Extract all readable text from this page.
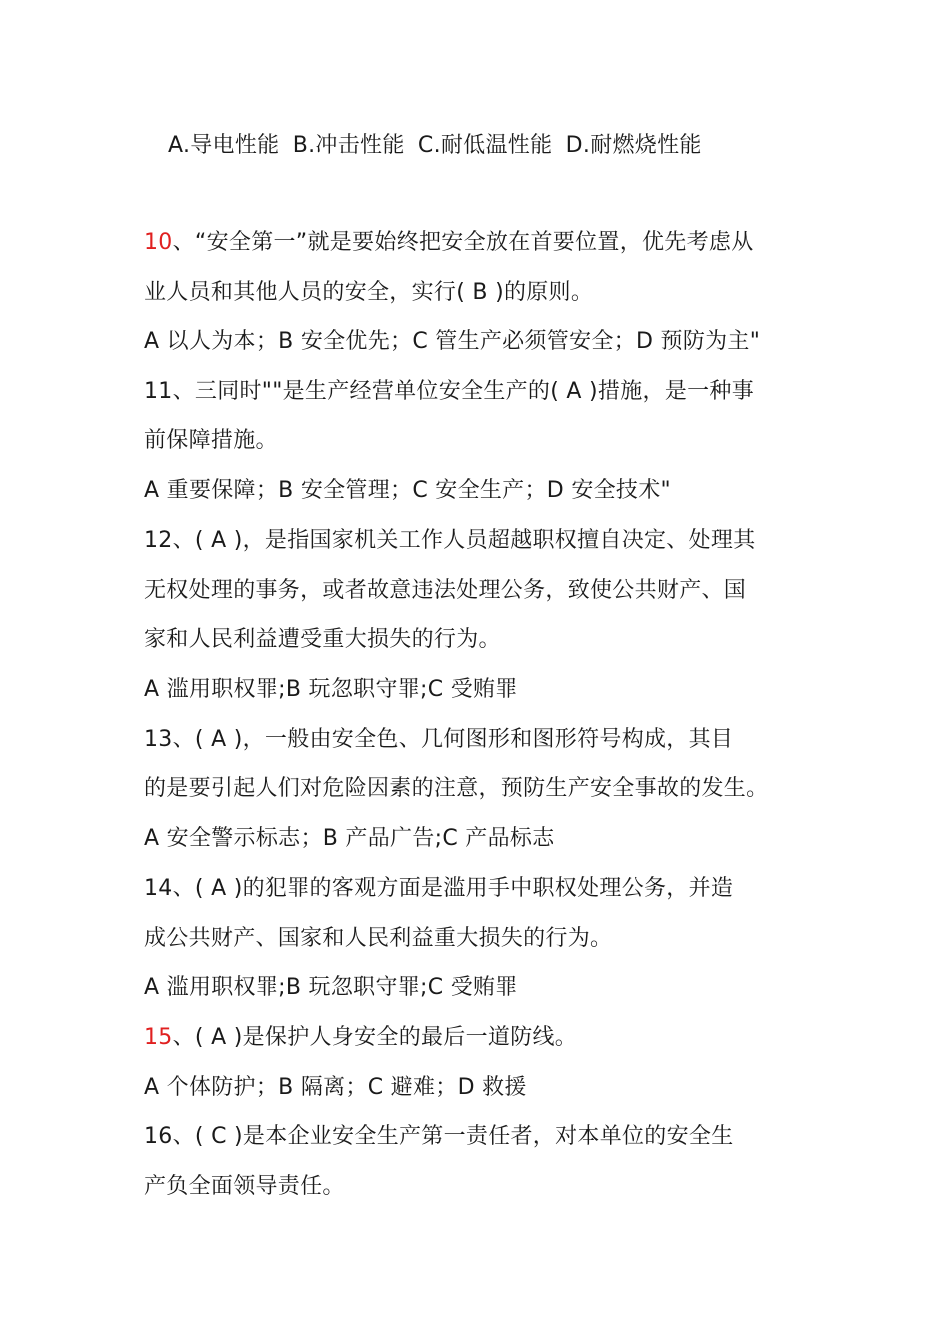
A.导电性能 B.冲击性能 C.耐低温性能 D.耐燃烧性能
10、“安全第一”就是要始终把安全放在首要位置，优先考虑从
业人员和其他人员的安全，实行( B )的原则。
A 以人为本；B 安全优先；C 管生产必须管安全；D 预防为主"
11、三同时""是生产经营单位安全生产的( A )措施，是一种事
前保障措施。
A 重要保障；B 安全管理；C 安全生产；D 安全技术"
12、( A )，是指国家机关工作人员超越职权擅自决定、处理其
无权处理的事务，或者故意违法处理公务，致使公共财产、国
家和人民利益遭受重大损失的行为。
A 滥用职权罪;B 玩忽职守罪;C 受贿罪
13、( A )，一般由安全色、几何图形和图形符号构成，其目
的是要引起人们对危险因素的注意，预防生产安全事故的发生。
A 安全警示标志；B 产品广告;C 产品标志
14、( A )的犯罪的客观方面是滥用手中职权处理公务，并造
成公共财产、国家和人民利益重大损失的行为。
A 滥用职权罪;B 玩忽职守罪;C 受贿罪
15、( A )是保护人身安全的最后一道防线。
A 个体防护；B 隔离；C 避难；D 救援
16、( C )是本企业安全生产第一责任者，对本单位的安全生
产负全面领导责任。
